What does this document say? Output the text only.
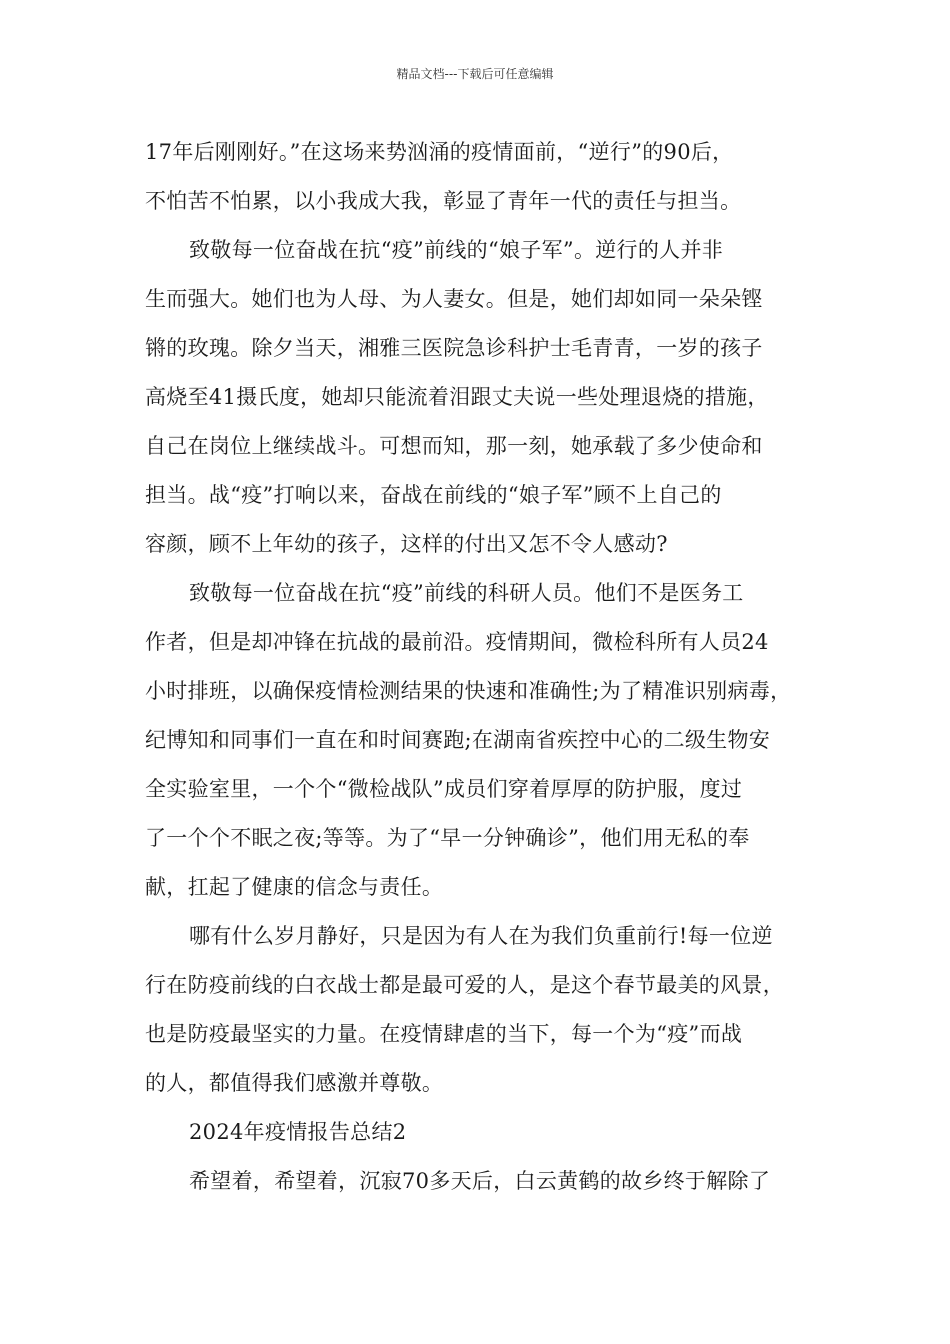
精品文档---下载后可任意编辑
17年后刚刚好。”在这场来势汹涌的疫情面前，“逆行”的90后，
不怕苦不怕累，以小我成大我，彰显了青年一代的责任与担当。
致敬每一位奋战在抗“疫”前线的“娘子军”。逆行的人并非
生而强大。她们也为人母、为人妻女。但是，她们却如同一朵朵铿
锵的玫瑰。除夕当天，湘雅三医院急诊科护士毛青青，一岁的孩子
高烧至41摄氏度，她却只能流着泪跟丈夫说一些处理退烧的措施，
自己在岗位上继续战斗。可想而知，那一刻，她承载了多少使命和
担当。战“疫”打响以来，奋战在前线的“娘子军”顾不上自己的
容颜，顾不上年幼的孩子，这样的付出又怎不令人感动?
致敬每一位奋战在抗“疫”前线的科研人员。他们不是医务工
作者，但是却冲锋在抗战的最前沿。疫情期间，微检科所有人员24
小时排班，以确保疫情检测结果的快速和准确性;为了精准识别病毒，
纪博知和同事们一直在和时间赛跑;在湖南省疾控中心的二级生物安
全实验室里，一个个“微检战队”成员们穿着厚厚的防护服，度过
了一个个不眠之夜;等等。为了“早一分钟确诊”，他们用无私的奉
献，扛起了健康的信念与责任。
哪有什么岁月静好，只是因为有人在为我们负重前行!每一位逆
行在防疫前线的白衣战士都是最可爱的人，是这个春节最美的风景，
也是防疫最坚实的力量。在疫情肆虐的当下，每一个为“疫”而战
的人，都值得我们感激并尊敬。
2024年疫情报告总结2
希望着，希望着，沉寂70多天后，白云黄鹤的故乡终于解除了
